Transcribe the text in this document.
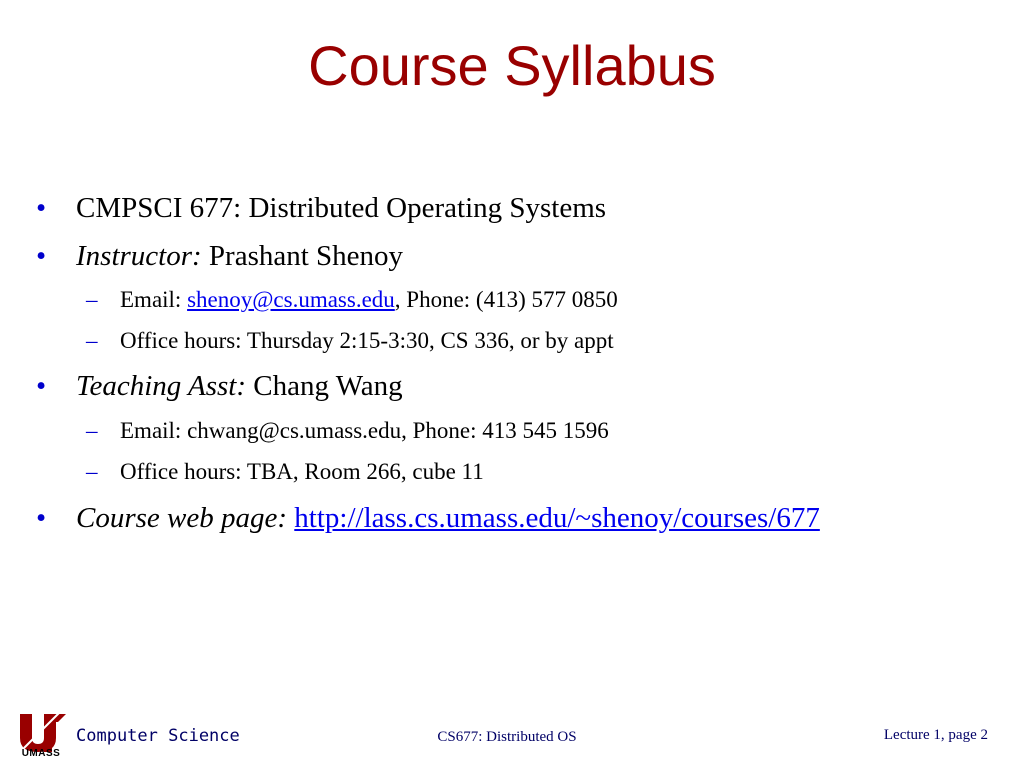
Course Syllabus
• CMPSCI 677: Distributed Operating Systems
• Instructor: Prashant Shenoy
– Email: shenoy@cs.umass.edu, Phone: (413) 577 0850
– Office hours: Thursday 2:15-3:30, CS 336, or by appt
• Teaching Asst: Chang Wang
– Email: chwang@cs.umass.edu, Phone: 413 545 1596
– Office hours: TBA, Room 266, cube 11
• Course web page: http://lass.cs.umass.edu/~shenoy/courses/677
UMASS
Computer Science	CS677: Distributed OS	Lecture 1, page 2
